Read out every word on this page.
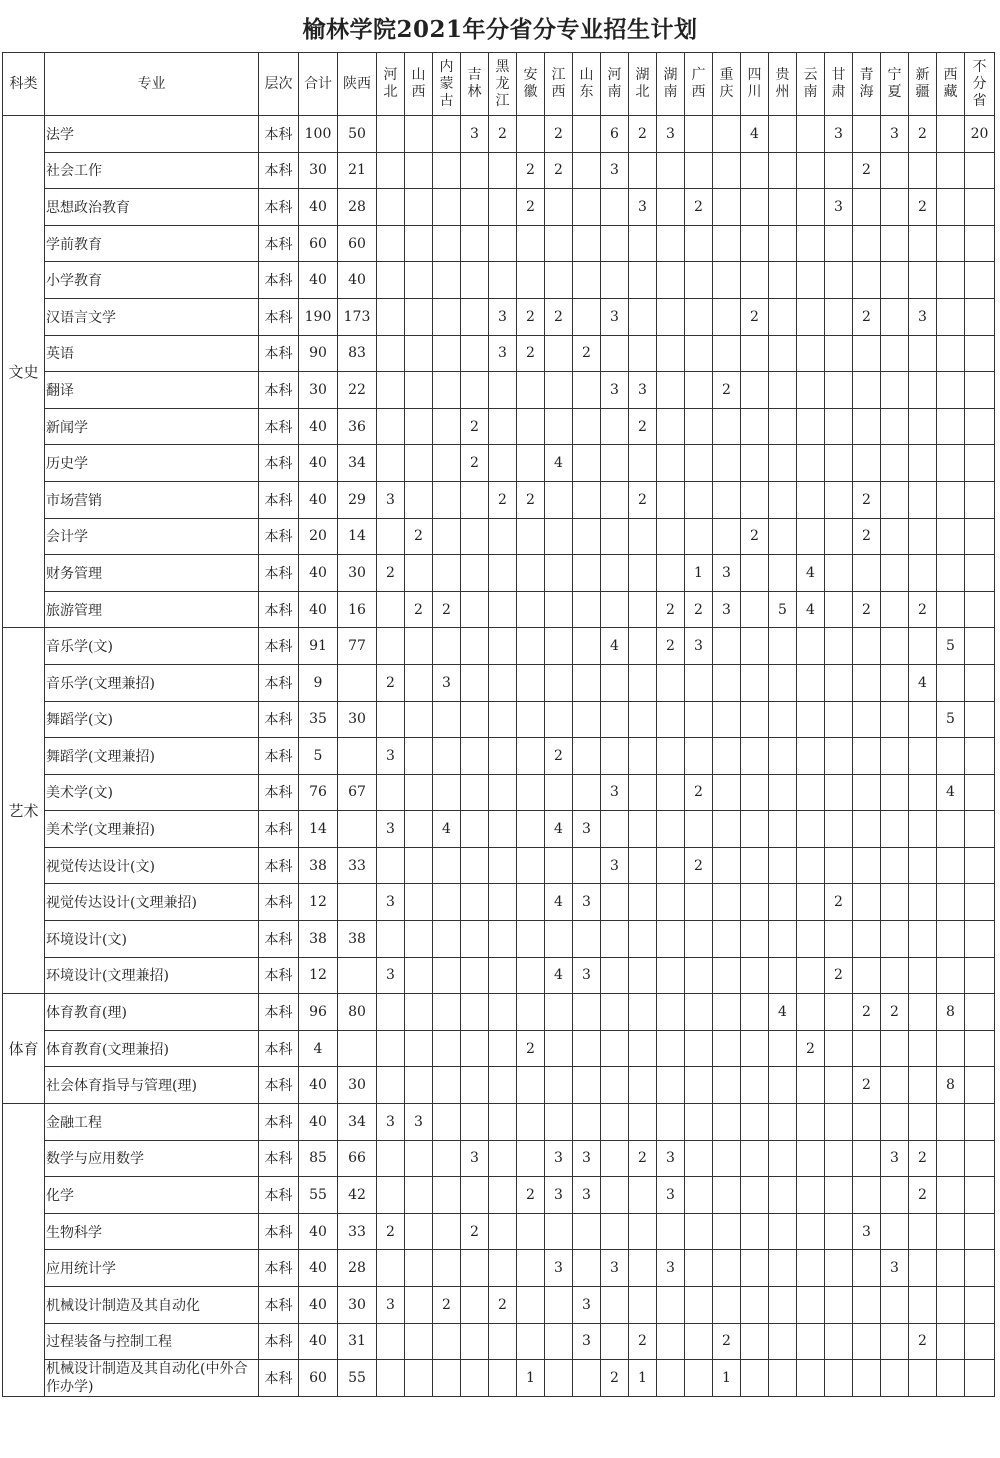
榆林学院2021年分省分专业招生计划
科类	专业	层次	合计	陕西	河北	山西	内蒙古	吉林	黑龙江	安徽	江西	山东	河南	湖北	湖南	广西	重庆	四川	贵州	云南	甘肃	青海	宁夏	新疆	西藏	不分省
文史	法学	本科	100	50				3	2		2		6	2	3			4			3		3	2		20
	社会工作	本科	30	21						2	2		3									2				
	思想政治教育	本科	40	28						2				3		2					3			2		
	学前教育	本科	60	60																						
	小学教育	本科	40	40																						
	汉语言文学	本科	190	173					3	2	2		3					2				2		3		
	英语	本科	90	83					3	2		2														
	翻译	本科	30	22									3	3			2									
	新闻学	本科	40	36				2						2												
	历史学	本科	40	34				2			4															
	市场营销	本科	40	29	3				2	2				2								2				
	会计学	本科	20	14		2												2				2				
	财务管理	本科	40	30	2											1	3			4						
	旅游管理	本科	40	16		2	2								2	2	3		5	4		2		2		
艺术	音乐学(文)	本科	91	77									4		2	3									5	
	音乐学(文理兼招)	本科	9		2		3																	4		
	舞蹈学(文)	本科	35	30																					5	
	舞蹈学(文理兼招)	本科	5		3						2															
	美术学(文)	本科	76	67									3			2									4	
	美术学(文理兼招)	本科	14		3		4				4	3														
	视觉传达设计(文)	本科	38	33									3			2										
	视觉传达设计(文理兼招)	本科	12		3						4	3									2					
	环境设计(文)	本科	38	38																						
	环境设计(文理兼招)	本科	12		3						4	3									2					
体育	体育教育(理)	本科	96	80															4			2	2		8	
	体育教育(文理兼招)	本科	4							2										2						
	社会体育指导与管理(理)	本科	40	30																		2			8	
	金融工程	本科	40	34	3	3																				
	数学与应用数学	本科	85	66				3			3	3		2	3								3	2		
	化学	本科	55	42						2	3	3			3									2		
	生物科学	本科	40	33	2			2														3				
	应用统计学	本科	40	28							3		3		3								3			
	机械设计制造及其自动化	本科	40	30	3		2		2			3														
	过程装备与控制工程	本科	40	31								3		2			2							2		
	机械设计制造及其自动化(中外合作办学)	本科	60	55						1			2	1			1									
